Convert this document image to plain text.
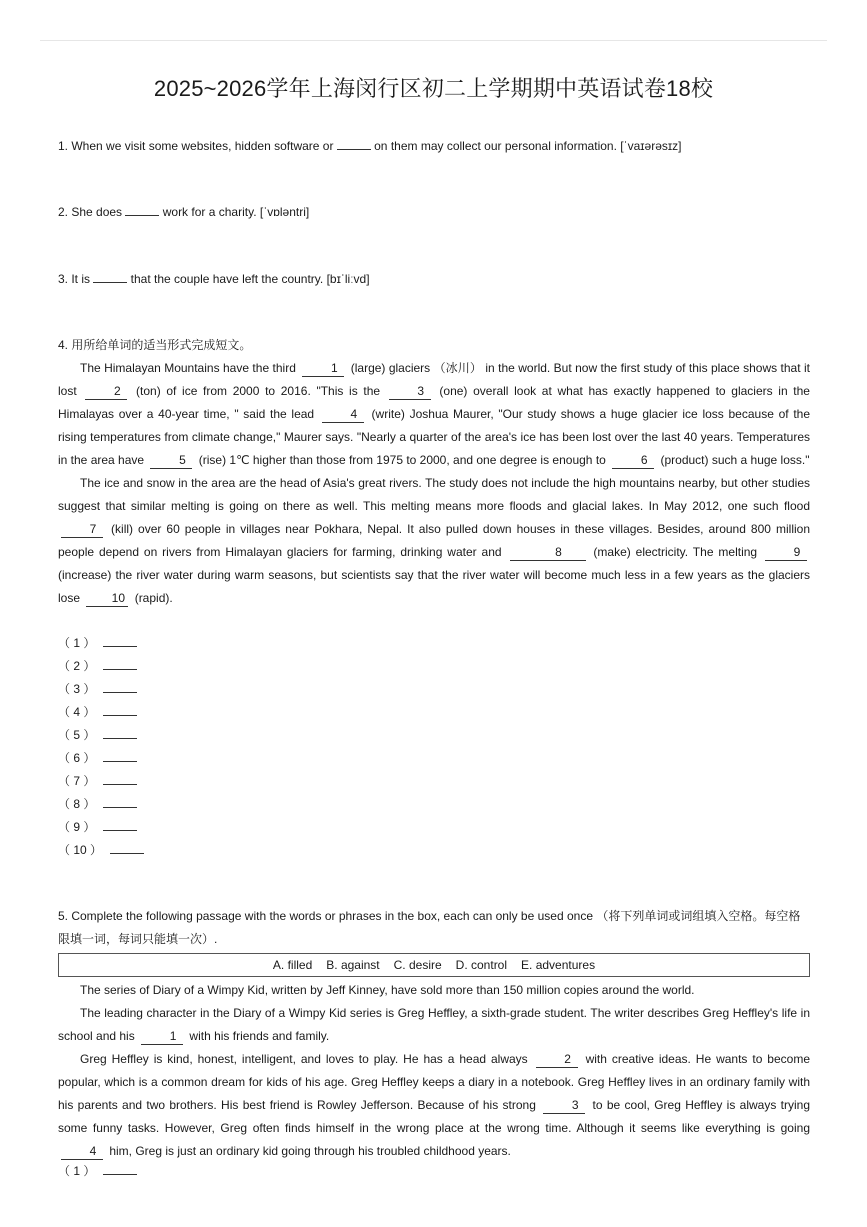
2025~2026学年上海闵行区初二上学期期中英语试卷18校
1. When we visit some websites, hidden software or	on them may collect our personal information. [ˈvaɪərəsɪz]
2. She does	work for a charity. [ˈvɒləntri]
3. It is	that the couple have left the country. [bɪˈliːvd]
4. 用所给单词的适当形式完成短文。

The Himalayan Mountains have the third	1 (large) glaciers （冰川） in the world. But now the first study of this place shows that it lost	2 (ton) of ice from 2000 to 2016. "This is the	3 (one) overall look at what has exactly happened to glaciers in the Himalayas over a 40-year time, " said the lead	4 (write) Joshua Maurer, "Our study shows a huge glacier ice loss because of the rising temperatures from climate change," Maurer says. "Nearly a quarter of the area's ice has been lost over the last 40 years. Temperatures in the area have	5 (rise) 1℃ higher than those from 1975 to 2000, and one degree is enough to	6 (product) such a huge loss."

The ice and snow in the area are the head of Asia's great rivers. The study does not include the high mountains nearby, but other studies suggest that similar melting is going on there as well. This melting means more floods and glacial lakes. In May 2012, one such flood 7 (kill) over 60 people in villages near Pokhara, Nepal. It also pulled down houses in these villages. Besides, around 800 million people depend on rivers from Himalayan glaciers for farming, drinking water and	8 (make) electricity. The melting	9 (increase) the river water during warm seasons, but scientists say that the river water will become much less in a few years as the glaciers lose 10 (rapid).

（ 1 ）
（ 2 ）
（ 3 ）
（ 4 ）
（ 5 ）
（ 6 ）
（ 7 ）
（ 8 ）
（ 9 ）
（ 10 ）
5. Complete the following passage with the words or phrases in the box, each can only be used once （将下列单词或词组填入空格。每空格限填一词，每词只能填一次）.
A. filled B. against C. desire D. control E. adventures

The series of Diary of a Wimpy Kid, written by Jeff Kinney, have sold more than 150 million copies around the world.

The leading character in the Diary of a Wimpy Kid series is Greg Heffley, a sixth-grade student. The writer describes Greg Heffley's life in school and his	1 with his friends and family.

Greg Heffley is kind, honest, intelligent, and loves to play. He has a head always	2 with creative ideas. He wants to become popular, which is a common dream for kids of his age. Greg Heffley keeps a diary in a notebook. Greg Heffley lives in an ordinary family with his parents and two brothers. His best friend is Rowley Jefferson. Because of his strong	3 to be cool, Greg Heffley is always trying some funny tasks. However, Greg often finds himself in the wrong place at the wrong time. Although it seems like everything is going 4 him, Greg is just an ordinary kid going through his troubled childhood years.

（ 1 ）
